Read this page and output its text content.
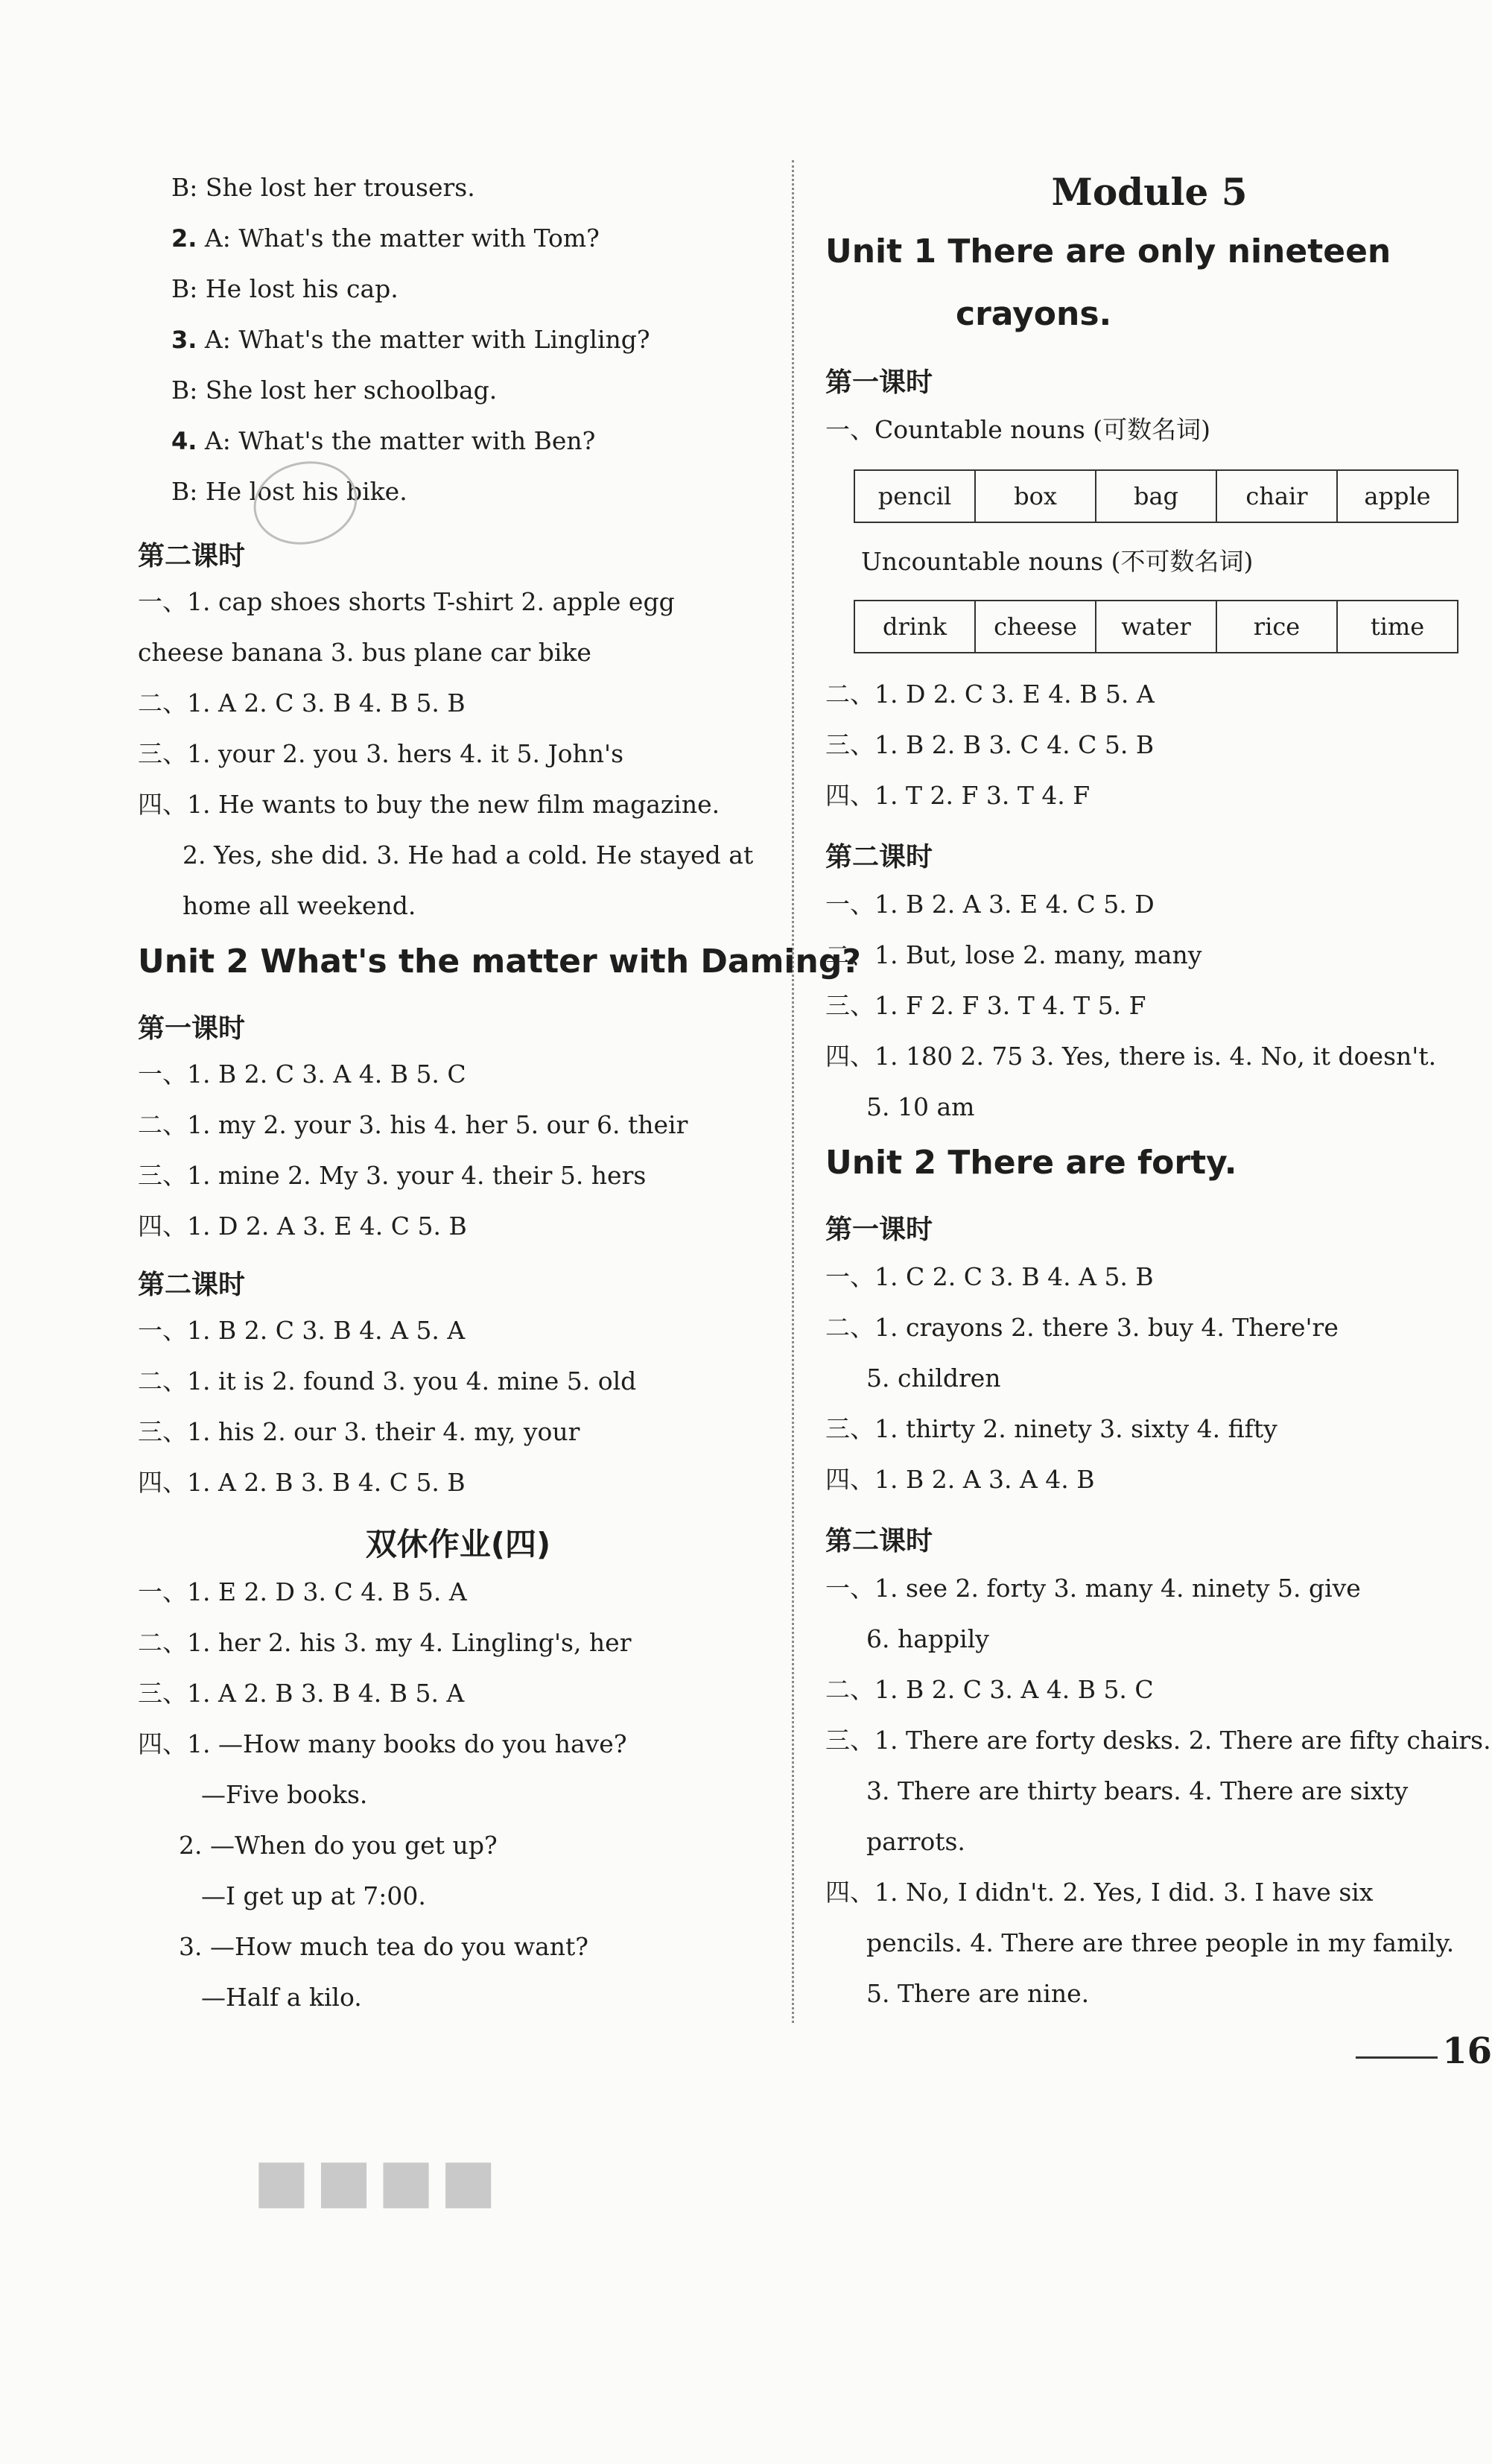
B: She lost her trousers.
2. A: What's the matter with Tom?
B: He lost his cap.
3. A: What's the matter with Lingling?
B: She lost her schoolbag.
4. A: What's the matter with Ben?
B: He lost his bike.
第二课时
一、1. cap shoes shorts T-shirt 2. apple egg
cheese banana 3. bus plane car bike
二、1. A 2. C 3. B 4. B 5. B
三、1. your 2. you 3. hers 4. it 5. John's
四、1. He wants to buy the new film magazine.
2. Yes, she did. 3. He had a cold. He stayed at
home all weekend.
Unit 2 What's the matter with Daming?
第一课时
一、1. B 2. C 3. A 4. B 5. C
二、1. my 2. your 3. his 4. her 5. our 6. their
三、1. mine 2. My 3. your 4. their 5. hers
四、1. D 2. A 3. E 4. C 5. B
第二课时
一、1. B 2. C 3. B 4. A 5. A
二、1. it is 2. found 3. you 4. mine 5. old
三、1. his 2. our 3. their 4. my, your
四、1. A 2. B 3. B 4. C 5. B
双休作业(四)
一、1. E 2. D 3. C 4. B 5. A
二、1. her 2. his 3. my 4. Lingling's, her
三、1. A 2. B 3. B 4. B 5. A
四、1. —How many books do you have?
—Five books.
2. —When do you get up?
—I get up at 7:00.
3. —How much tea do you want?
—Half a kilo.
Module 5
Unit 1 There are only nineteen
crayons.
第一课时
一、Countable nouns (可数名词)
pencil	box	bag	chair	apple
Uncountable nouns (不可数名词)
drink	cheese	water	rice	time
二、1. D 2. C 3. E 4. B 5. A
三、1. B 2. B 3. C 4. C 5. B
四、1. T 2. F 3. T 4. F
第二课时
一、1. B 2. A 3. E 4. C 5. D
二、1. But, lose 2. many, many
三、1. F 2. F 3. T 4. T 5. F
四、1. 180 2. 75 3. Yes, there is. 4. No, it doesn't.
5. 10 am
Unit 2 There are forty.
第一课时
一、1. C 2. C 3. B 4. A 5. B
二、1. crayons 2. there 3. buy 4. There're
5. children
三、1. thirty 2. ninety 3. sixty 4. fifty
四、1. B 2. A 3. A 4. B
第二课时
一、1. see 2. forty 3. many 4. ninety 5. give
6. happily
二、1. B 2. C 3. A 4. B 5. C
三、1. There are forty desks. 2. There are fifty chairs.
3. There are thirty bears. 4. There are sixty
parrots.
四、1. No, I didn't. 2. Yes, I did. 3. I have six
pencils. 4. There are three people in my family.
5. There are nine.
■■■■
16
